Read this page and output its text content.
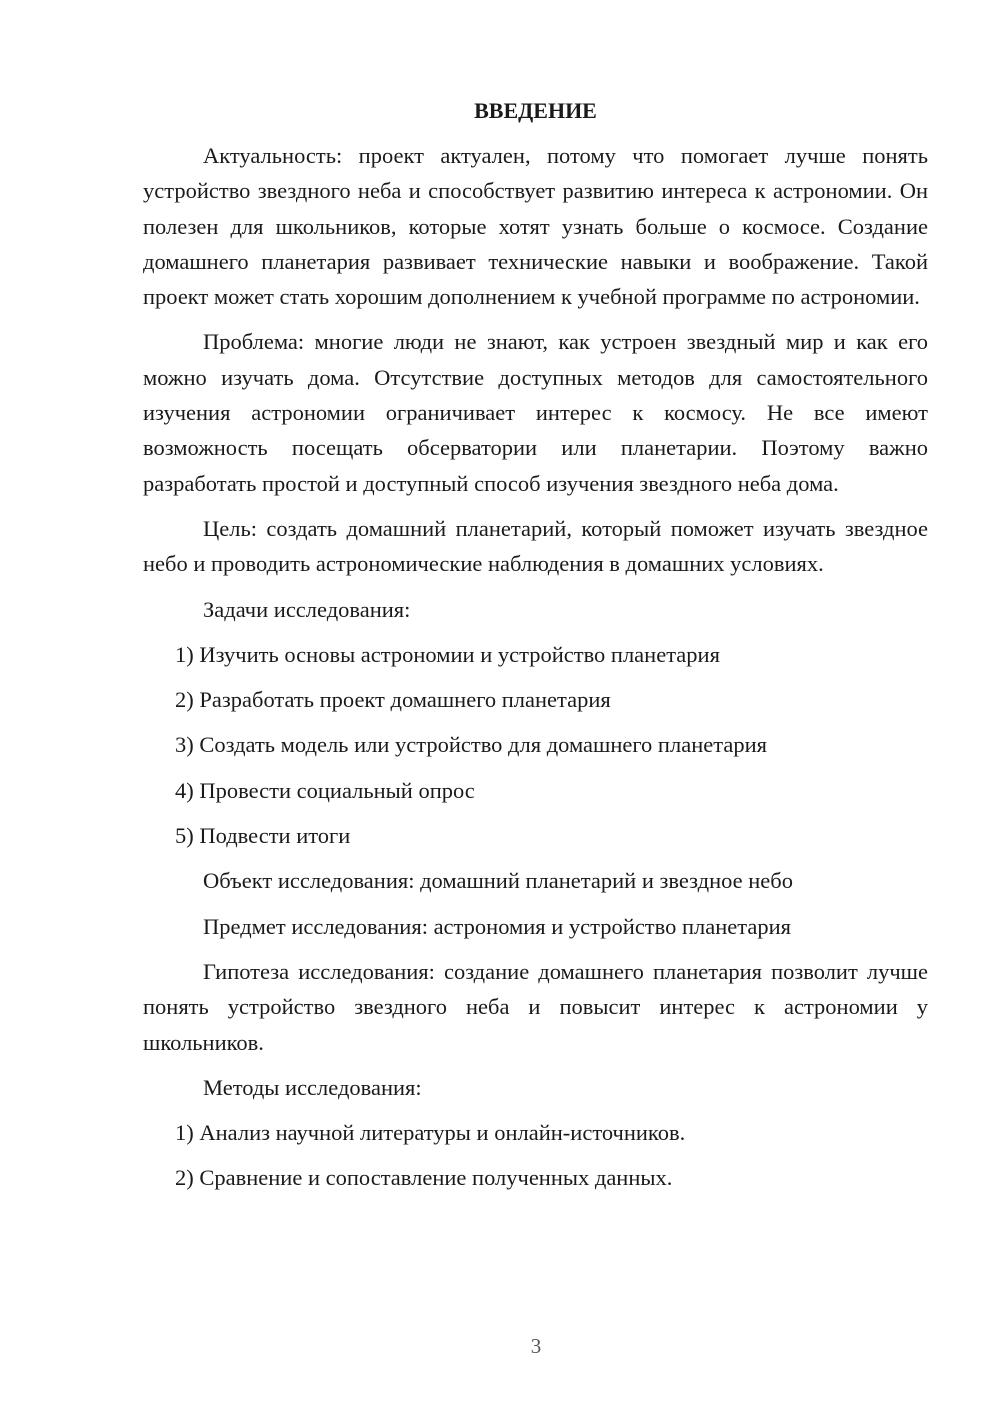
ВВЕДЕНИЕ

Актуальность: проект актуален, потому что помогает лучше понять устройство звездного неба и способствует развитию интереса к астрономии. Он полезен для школьников, которые хотят узнать больше о космосе. Создание домашнего планетария развивает технические навыки и воображение. Такой проект может стать хорошим дополнением к учебной программе по астрономии.

Проблема: многие люди не знают, как устроен звездный мир и как его можно изучать дома. Отсутствие доступных методов для самостоятельного изучения астрономии ограничивает интерес к космосу. Не все имеют возможность посещать обсерватории или планетарии. Поэтому важно разработать простой и доступный способ изучения звездного неба дома.

Цель: создать домашний планетарий, который поможет изучать звездное небо и проводить астрономические наблюдения в домашних условиях.

Задачи исследования:

1) Изучить основы астрономии и устройство планетария
2) Разработать проект домашнего планетария
3) Создать модель или устройство для домашнего планетария
4) Провести социальный опрос
5) Подвести итоги

Объект исследования: домашний планетарий и звездное небо

Предмет исследования: астрономия и устройство планетария

Гипотеза исследования: создание домашнего планетария позволит лучше понять устройство звездного неба и повысит интерес к астрономии у школьников.

Методы исследования:

1) Анализ научной литературы и онлайн-источников.
2) Сравнение и сопоставление полученных данных.
3
